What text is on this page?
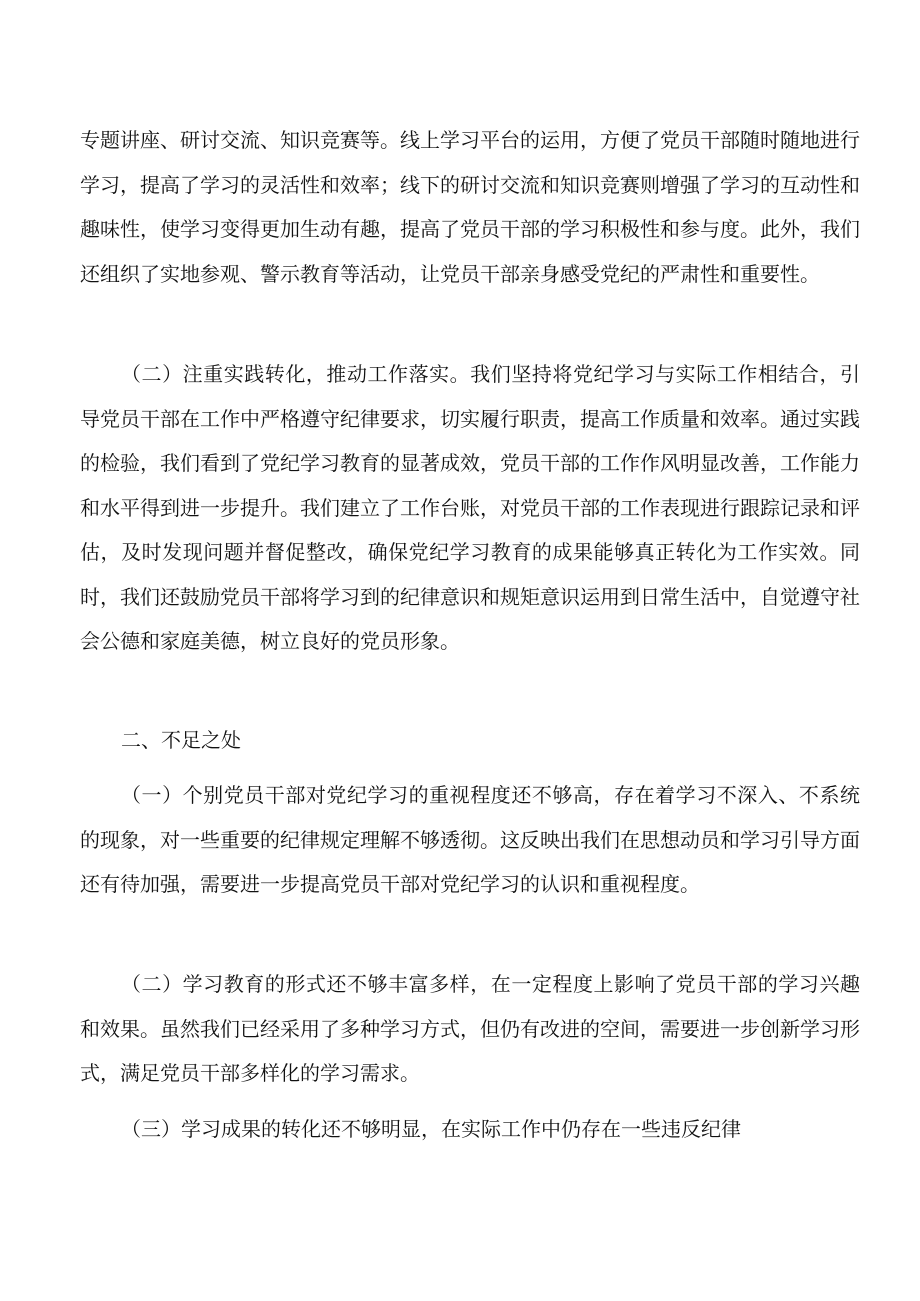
专题讲座、研讨交流、知识竞赛等。线上学习平台的运用，方便了党员干部随时随地进行学习，提高了学习的灵活性和效率；线下的研讨交流和知识竞赛则增强了学习的互动性和趣味性，使学习变得更加生动有趣，提高了党员干部的学习积极性和参与度。此外，我们还组织了实地参观、警示教育等活动，让党员干部亲身感受党纪的严肃性和重要性。

（二）注重实践转化，推动工作落实。我们坚持将党纪学习与实际工作相结合，引导党员干部在工作中严格遵守纪律要求，切实履行职责，提高工作质量和效率。通过实践的检验，我们看到了党纪学习教育的显著成效，党员干部的工作作风明显改善，工作能力和水平得到进一步提升。我们建立了工作台账，对党员干部的工作表现进行跟踪记录和评估，及时发现问题并督促整改，确保党纪学习教育的成果能够真正转化为工作实效。同时，我们还鼓励党员干部将学习到的纪律意识和规矩意识运用到日常生活中，自觉遵守社会公德和家庭美德，树立良好的党员形象。

二、不足之处

（一）个别党员干部对党纪学习的重视程度还不够高，存在着学习不深入、不系统的现象，对一些重要的纪律规定理解不够透彻。这反映出我们在思想动员和学习引导方面还有待加强，需要进一步提高党员干部对党纪学习的认识和重视程度。

（二）学习教育的形式还不够丰富多样，在一定程度上影响了党员干部的学习兴趣和效果。虽然我们已经采用了多种学习方式，但仍有改进的空间，需要进一步创新学习形式，满足党员干部多样化的学习需求。

（三）学习成果的转化还不够明显，在实际工作中仍存在一些违反纪律
